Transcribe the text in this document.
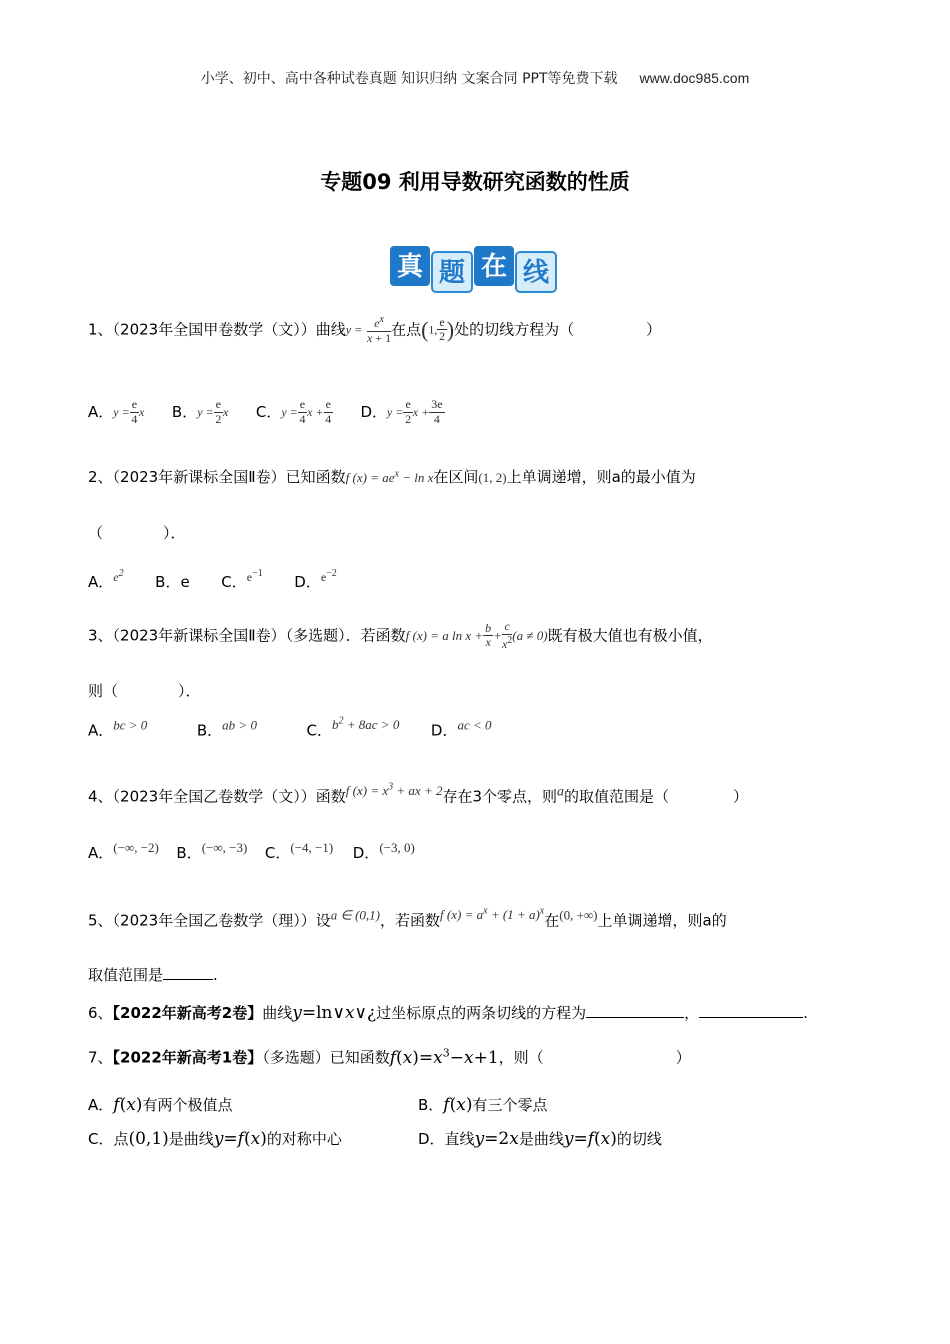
小学、初中、高中各种试卷真题 知识归纳 文案合同 PPT等免费下载 www.doc985.com
专题09 利用导数研究函数的性质
真 题 在 线
1、（2023年全国甲卷数学（文））曲线$y = \frac{e^x}{x + 1}$ 在点(1, $\frac{e}{2}$ )处的切线方程为（	）
A．$y = \frac{e}{4}$ x B．$y = \frac{e}{2}$ x C．$y = \frac{e}{4}$ $x + \frac{e}{4}$ D．$y = \frac{e}{2}$ $x + \frac{3e}{4}$
2、（2023年新课标全国Ⅱ卷）已知函数f $(x) = ae^x - \ln x$在区间(1, 2)上单调递增，则a的最小值为
（　　　　）．
A．$^{e^2}$ B．e C．$^{e^{-1}}$ D．$^{e^{-2}}$
3、（2023年新课标全国Ⅱ卷）（多选题）．若函数f (x) = a $\ln x + \frac{b}{x} + \frac{c}{x^2} (a \ne 0)$既有极大值也有极小值，
则（　　　　）．
A．bc > 0	B．ab > 0	C．$b^2 + 8ac > 0$ D．ac < 0
4、（2023年全国乙卷数学（文））函数f $(x) = x^3$ + ax + 2存在3个零点，则a的取值范围是（	）
A．(−∞, −2) B．(−∞, −3) C．(−4, −1) D．(−3, 0)
5、（2023年全国乙卷数学（理））设a ∈ (0,1)，若函数f $(x) = a^x + (1 + a)^x$在(0, +∞)上单调递增，则a的
取值范围是	.
6、【2022年新高考2卷】曲线y=ln∨x∨¿过坐标原点的两条切线的方程为	，	.
7、【2022年新高考1卷】（多选题）已知函数$f(x)=x^3-x+1$，则（	）
A．f(x)有两个极值点	B．f(x)有三个零点
C．点(0,1)是曲线y=f(x)的对称中心	D．直线y=2x是曲线y=f(x)的切线
